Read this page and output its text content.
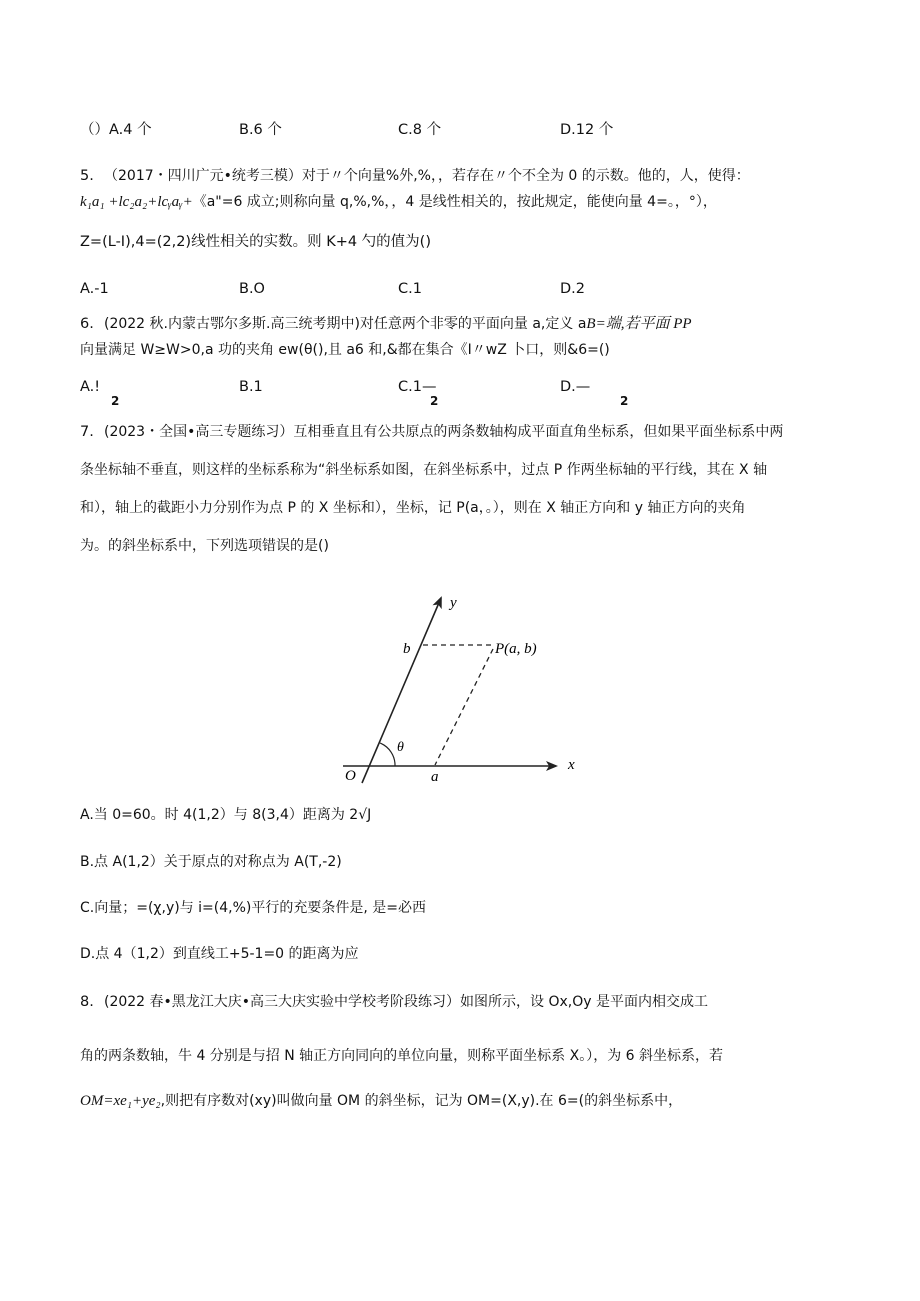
（）A.4 个	B.6 个	C.8 个	D.12 个
5. （2017・四川广元•统考三模）对于〃个向量%外,%，，若存在〃个不全为 0 的示数。他的，人，使得：
k₁a₁ +lc₂a₂+lcᵧaᵧ+《a"=6 成立;则称向量 q,%,%，，4 是线性相关的，按此规定，能使向量 4=。，°），
Z=(L-I),4=(2,2)线性相关的实数。则 K+4 勺的值为()
A.-1	B.O	C.1	D.2
6. (2022 秋.内蒙古鄂尔多斯.高三统考期中)对任意两个非零的平面向量 a,定义 aB=端,若平面 PP
向量满足 W≥W>0,a 功的夹角 ew(θ(),且 a6 和,&都在集合《I〃wZ 卜口，则&6=()
A.!
2
B.1	C.1—
2
D.—
2
7. (2023・全国•高三专题练习）互相垂直且有公共原点的两条数轴构成平面直角坐标系，但如果平面坐标系中两
条坐标轴不垂直，则这样的坐标系称为“斜坐标系如图，在斜坐标系中，过点 P 作两坐标轴的平行线，其在 X 轴
和），轴上的截距小力分别作为点 P 的 X 坐标和），坐标，记 P(a，。），则在 X 轴正方向和 y 轴正方向的夹角
为。的斜坐标系中，下列选项错误的是()
y
x
b	P(a, b)
θ
O	a
A.当 0=60。时 4(1,2）与 8(3,4）距离为 2√J
B.点 A(1,2）关于原点的对称点为 A(T,-2)
C.向量；=(χ,y)与 i=(4,%)平行的充要条件是, 是=必西
D.点 4（1,2）到直线工+5-1=0 的距离为应
8. (2022 春•黑龙江大庆•高三大庆实验中学校考阶段练习）如图所示，设 Ox,Oy 是平面内相交成工
角的两条数轴，牛 4 分别是与招 N 轴正方向同向的单位向量，则称平面坐标系 X。），为 6 斜坐标系，若
OM=xe₁+ye₂,则把有序数对(xy)叫做向量 OM 的斜坐标，记为 OM=(X,y).在 6=(的斜坐标系中，
